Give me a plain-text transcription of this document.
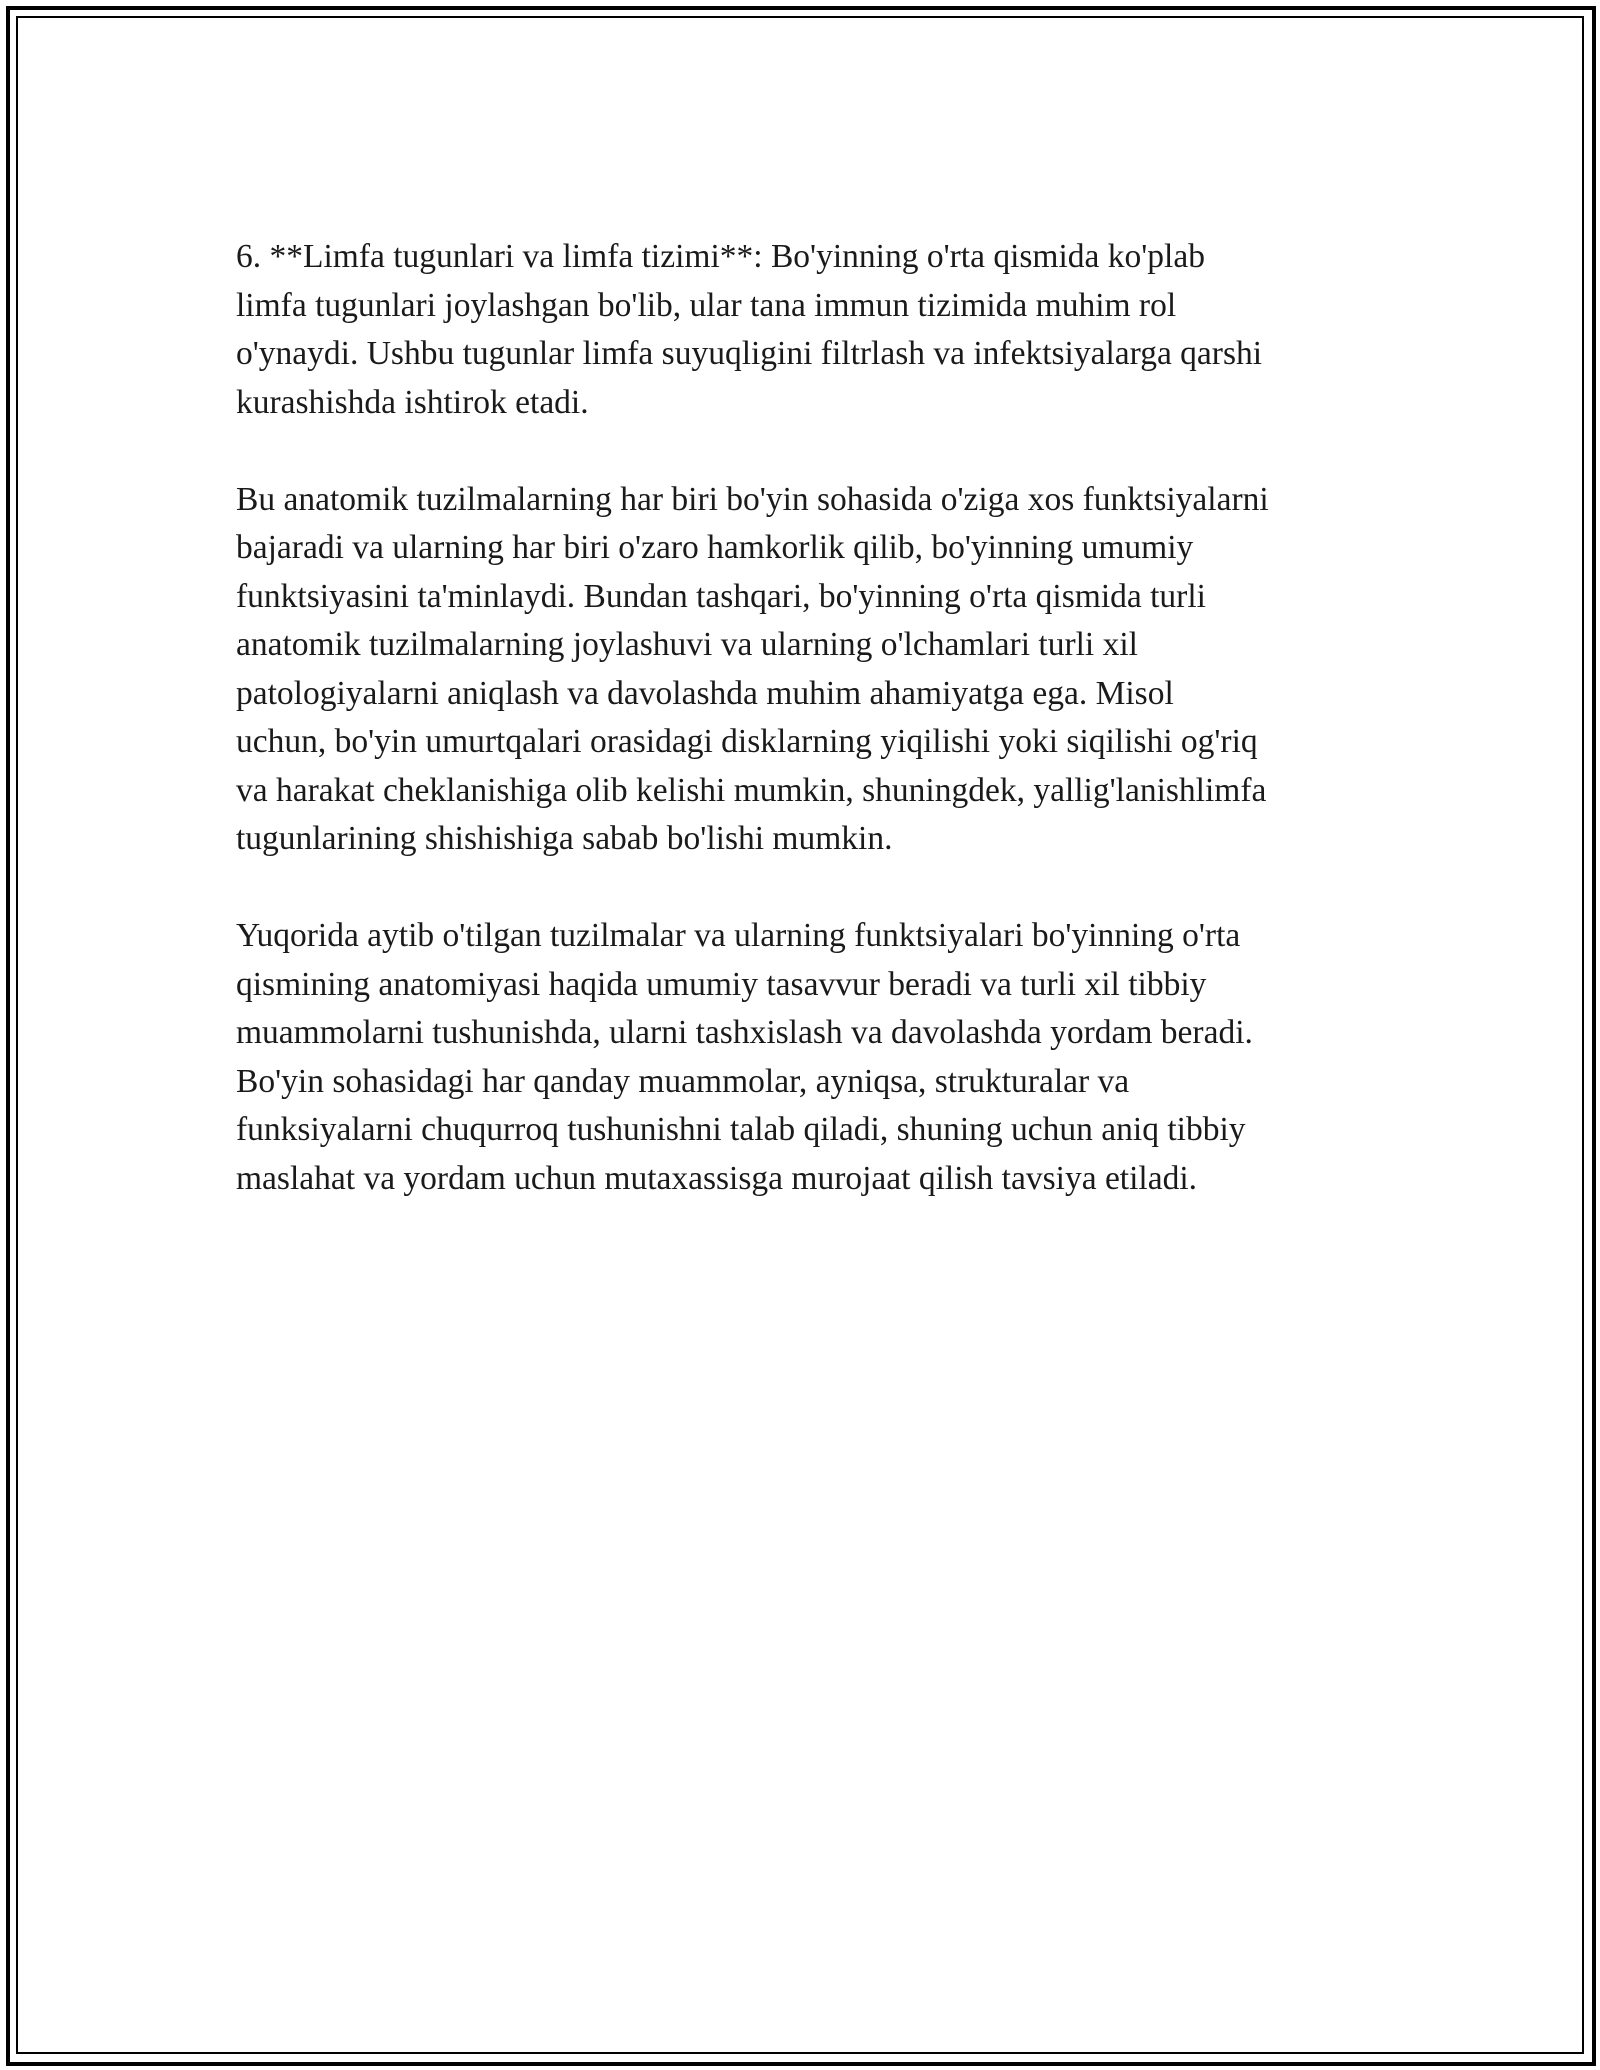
6. **Limfa tugunlari va limfa tizimi**: Bo'yinning o'rta qismida ko'plab
limfa tugunlari joylashgan bo'lib, ular tana immun tizimida muhim rol
o'ynaydi. Ushbu tugunlar limfa suyuqligini filtrlash va infektsiyalarga qarshi
kurashishda ishtirok etadi.

Bu anatomik tuzilmalarning har biri bo'yin sohasida o'ziga xos funktsiyalarni
bajaradi va ularning har biri o'zaro hamkorlik qilib, bo'yinning umumiy
funktsiyasini ta'minlaydi. Bundan tashqari, bo'yinning o'rta qismida turli
anatomik tuzilmalarning joylashuvi va ularning o'lchamlari turli xil
patologiyalarni aniqlash va davolashda muhim ahamiyatga ega. Misol
uchun, bo'yin umurtqalari orasidagi disklarning yiqilishi yoki siqilishi og'riq
va harakat cheklanishiga olib kelishi mumkin, shuningdek, yallig'lanishlimfa
tugunlarining shishishiga sabab bo'lishi mumkin.

Yuqorida aytib o'tilgan tuzilmalar va ularning funktsiyalari bo'yinning o'rta
qismining anatomiyasi haqida umumiy tasavvur beradi va turli xil tibbiy
muammolarni tushunishda, ularni tashxislash va davolashda yordam beradi.
Bo'yin sohasidagi har qanday muammolar, ayniqsa, strukturalar va
funksiyalarni chuqurroq tushunishni talab qiladi, shuning uchun aniq tibbiy
maslahat va yordam uchun mutaxassisga murojaat qilish tavsiya etiladi.
